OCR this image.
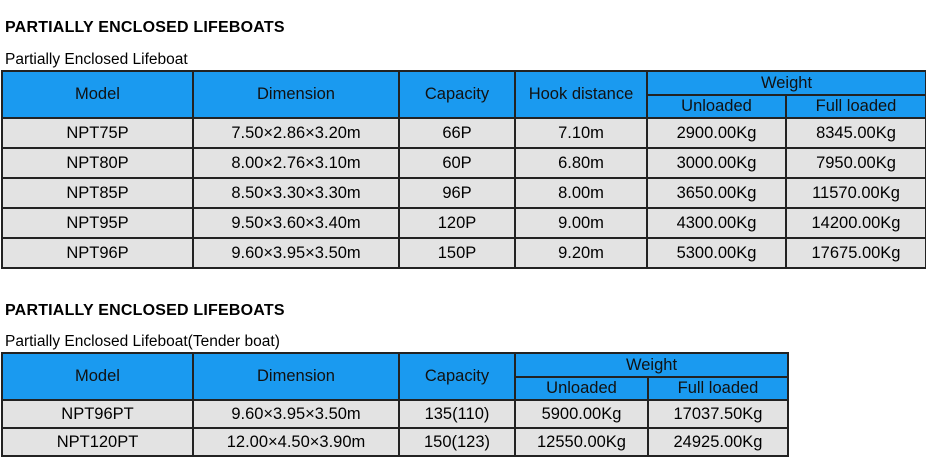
PARTIALLY ENCLOSED LIFEBOATS
Partially Enclosed Lifeboat
Model	Dimension	Capacity	Hook distance	Weight	
				Unloaded	Full loaded
NPT75P	7.50×2.86×3.20m	66P	7.10m	2900.00Kg	8345.00Kg
NPT80P	8.00×2.76×3.10m	60P	6.80m	3000.00Kg	7950.00Kg
NPT85P	8.50×3.30×3.30m	96P	8.00m	3650.00Kg	11570.00Kg
NPT95P	9.50×3.60×3.40m	120P	9.00m	4300.00Kg	14200.00Kg
NPT96P	9.60×3.95×3.50m	150P	9.20m	5300.00Kg	17675.00Kg
PARTIALLY ENCLOSED LIFEBOATS
Partially Enclosed Lifeboat(Tender boat)
Model	Dimension	Capacity	Weight	
			Unloaded	Full loaded
NPT96PT	9.60×3.95×3.50m	135(110)	5900.00Kg	17037.50Kg
NPT120PT	12.00×4.50×3.90m	150(123)	12550.00Kg	24925.00Kg
